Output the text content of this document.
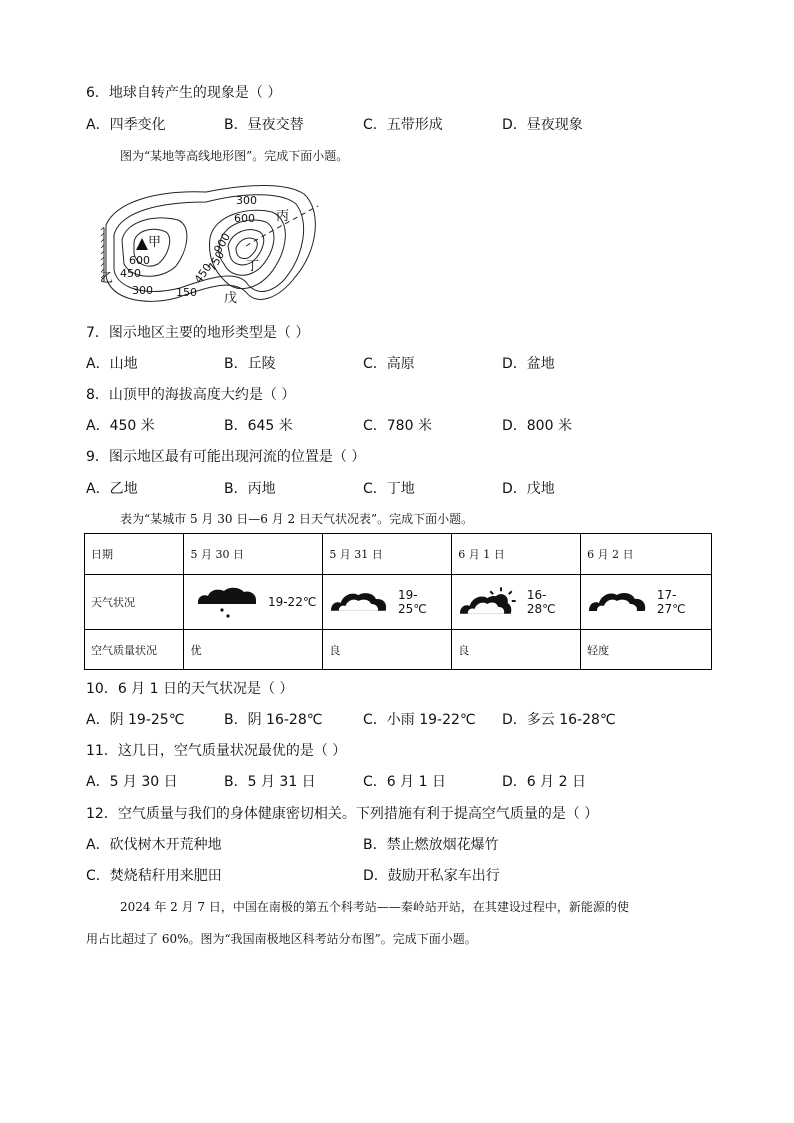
6．地球自转产生的现象是（ ）
A．四季变化	B．昼夜交替	C．五带形成	D．昼夜现象
图为“某地等高线地形图”。完成下面小题。
甲
乙
丙
丁
戊
300
600
900
750
450
600
450
300 150
7．图示地区主要的地形类型是（ ）
A．山地	B．丘陵	C．高原	D．盆地
8．山顶甲的海拔高度大约是（ ）
A．450 米	B．645 米	C．780 米	D．800 米
9．图示地区最有可能出现河流的位置是（ ）
A．乙地	B．丙地	C．丁地	D．戊地
表为“某城市 5 月 30 日—6 月 2 日天气状况表”。完成下面小题。
日期	5 月 30 日	5 月 31 日	6 月 1 日	6 月 2 日
天气状况	19-22℃	19-25℃	16-28℃	17-27℃

空气质量状况	优	良	良	轻度
10．6 月 1 日的天气状况是（ ）
A．阴 19-25℃	B．阴 16-28℃	C．小雨 19-22℃ D．多云 16-28℃
11．这几日，空气质量状况最优的是（ ）
A．5 月 30 日	B．5 月 31 日	C．6 月 1 日	D．6 月 2 日
12．空气质量与我们的身体健康密切相关。下列措施有利于提高空气质量的是（ ）
A．砍伐树木开荒种地	B．禁止燃放烟花爆竹
C．焚烧秸秆用来肥田	D．鼓励开私家车出行
2024 年 2 月 7 日，中国在南极的第五个科考站——秦岭站开站，在其建设过程中，新能源的使
用占比超过了 60%。图为“我国南极地区科考站分布图”。完成下面小题。
